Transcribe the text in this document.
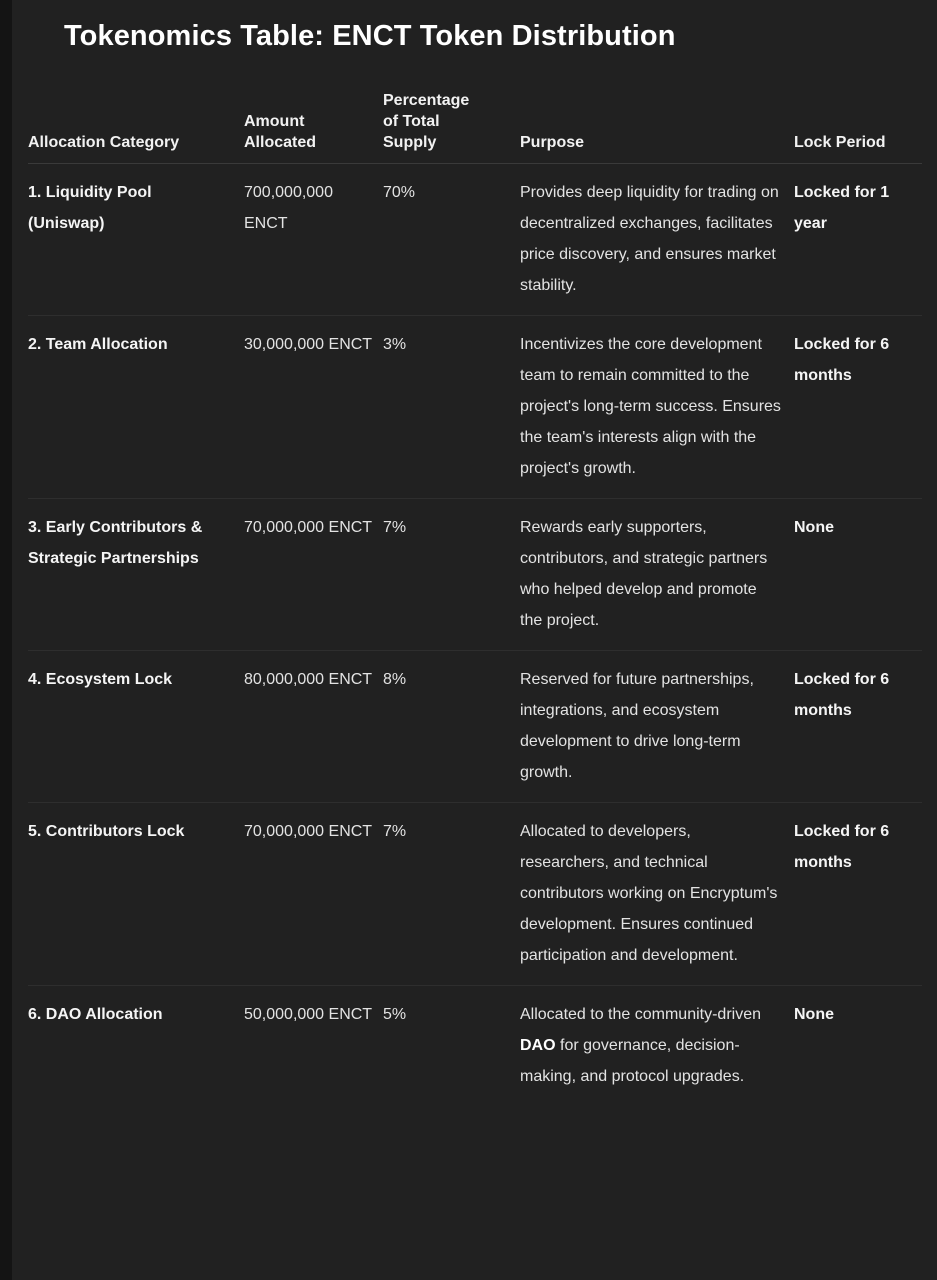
Tokenomics Table: ENCT Token Distribution
Allocation Category	Amount Allocated	Percentage of Total Supply	Purpose	Lock Period
1. Liquidity Pool (Uniswap)	700,000,000 ENCT	70%	Provides deep liquidity for trading on decentralized exchanges, facilitates price discovery, and ensures market stability.	Locked for 1 year
2. Team Allocation	30,000,000 ENCT	3%	Incentivizes the core development team to remain committed to the project's long-term success. Ensures the team's interests align with the project's growth.	Locked for 6 months
3. Early Contributors & Strategic Partnerships	70,000,000 ENCT	7%	Rewards early supporters, contributors, and strategic partners who helped develop and promote the project.	None
4. Ecosystem Lock	80,000,000 ENCT	8%	Reserved for future partnerships, integrations, and ecosystem development to drive long-term growth.	Locked for 6 months
5. Contributors Lock	70,000,000 ENCT	7%	Allocated to developers, researchers, and technical contributors working on Encryptum's development. Ensures continued participation and development.	Locked for 6 months
6. DAO Allocation	50,000,000 ENCT	5%	Allocated to the community-driven DAO for governance, decision-making, and protocol upgrades.	None
